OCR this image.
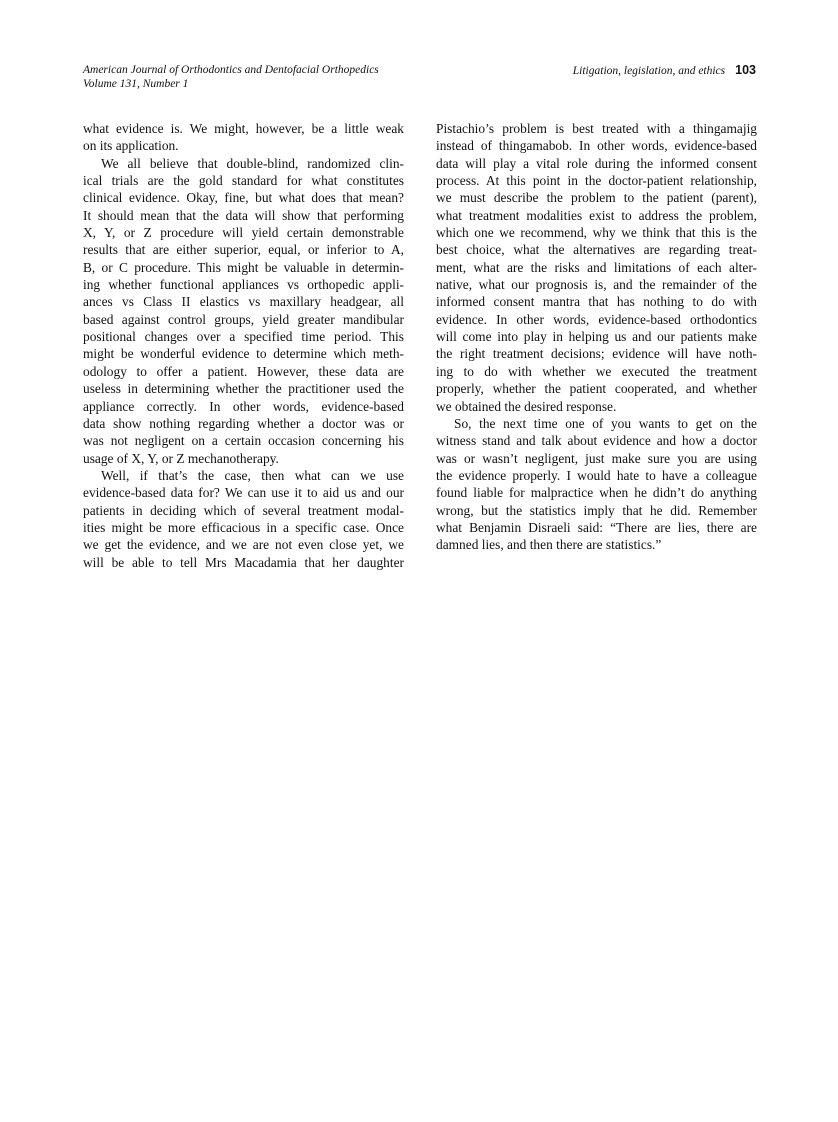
American Journal of Orthodontics and Dentofacial Orthopedics
Volume 131, Number 1
Litigation, legislation, and ethics 103
what evidence is. We might, however, be a little weak
on its application.
We all believe that double-blind, randomized clin-
ical trials are the gold standard for what constitutes
clinical evidence. Okay, fine, but what does that mean?
It should mean that the data will show that performing
X, Y, or Z procedure will yield certain demonstrable
results that are either superior, equal, or inferior to A,
B, or C procedure. This might be valuable in determin-
ing whether functional appliances vs orthopedic appli-
ances vs Class II elastics vs maxillary headgear, all
based against control groups, yield greater mandibular
positional changes over a specified time period. This
might be wonderful evidence to determine which meth-
odology to offer a patient. However, these data are
useless in determining whether the practitioner used the
appliance correctly. In other words, evidence-based
data show nothing regarding whether a doctor was or
was not negligent on a certain occasion concerning his
usage of X, Y, or Z mechanotherapy.
Well, if that’s the case, then what can we use
evidence-based data for? We can use it to aid us and our
patients in deciding which of several treatment modal-
ities might be more efficacious in a specific case. Once
we get the evidence, and we are not even close yet, we
will be able to tell Mrs Macadamia that her daughter
Pistachio’s problem is best treated with a thingamajig
instead of thingamabob. In other words, evidence-based
data will play a vital role during the informed consent
process. At this point in the doctor-patient relationship,
we must describe the problem to the patient (parent),
what treatment modalities exist to address the problem,
which one we recommend, why we think that this is the
best choice, what the alternatives are regarding treat-
ment, what are the risks and limitations of each alter-
native, what our prognosis is, and the remainder of the
informed consent mantra that has nothing to do with
evidence. In other words, evidence-based orthodontics
will come into play in helping us and our patients make
the right treatment decisions; evidence will have noth-
ing to do with whether we executed the treatment
properly, whether the patient cooperated, and whether
we obtained the desired response.
So, the next time one of you wants to get on the
witness stand and talk about evidence and how a doctor
was or wasn’t negligent, just make sure you are using
the evidence properly. I would hate to have a colleague
found liable for malpractice when he didn’t do anything
wrong, but the statistics imply that he did. Remember
what Benjamin Disraeli said: “There are lies, there are
damned lies, and then there are statistics.”
